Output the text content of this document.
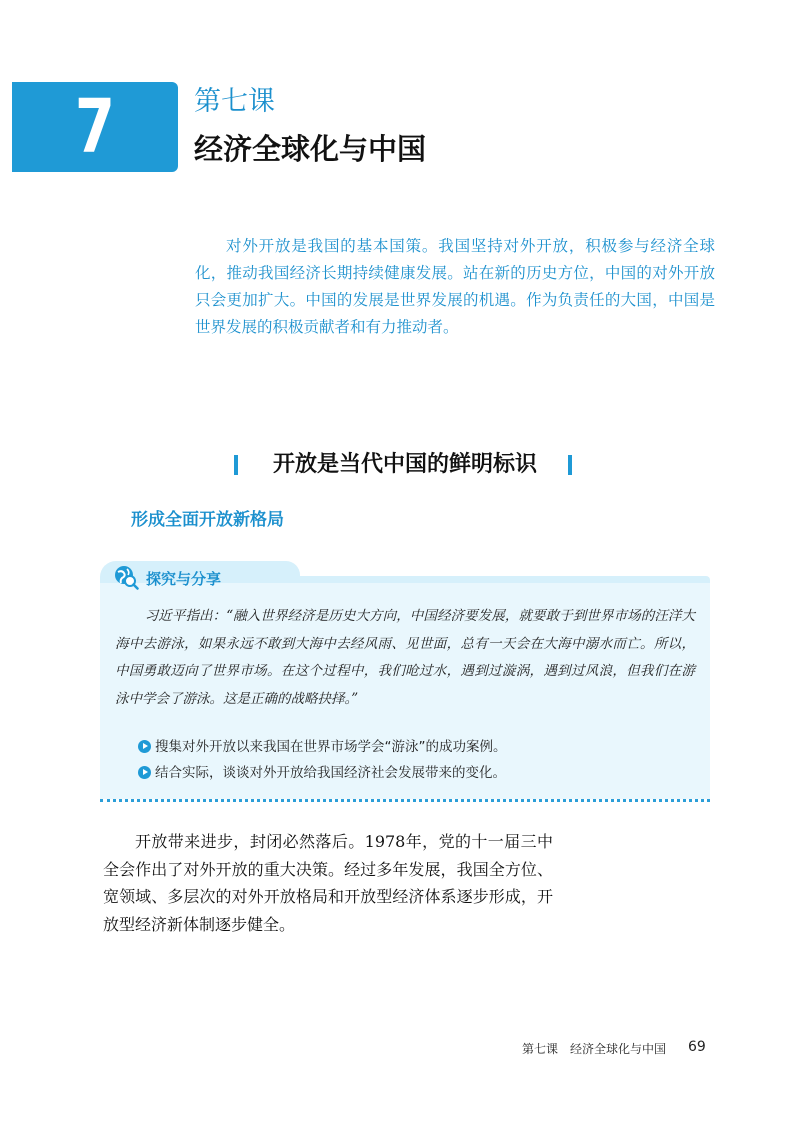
7	第七课
经济全球化与中国

对外开放是我国的基本国策。我国坚持对外开放，积极参与经济全球化，推动我国经济长期持续健康发展。站在新的历史方位，中国的对外开放只会更加扩大。中国的发展是世界发展的机遇。作为负责任的大国，中国是世界发展的积极贡献者和有力推动者。

开放是当代中国的鲜明标识
形成全面开放新格局
探究与分享

习近平指出：“融入世界经济是历史大方向，中国经济要发展，就要敢于到世界市场的汪洋大海中去游泳，如果永远不敢到大海中去经风雨、见世面，总有一天会在大海中溺水而亡。所以，中国勇敢迈向了世界市场。在这个过程中，我们呛过水，遇到过漩涡，遇到过风浪，但我们在游泳中学会了游泳。这是正确的战略抉择。”

搜集对外开放以来我国在世界市场学会“游泳”的成功案例。
结合实际，谈谈对外开放给我国经济社会发展带来的变化。

开放带来进步，封闭必然落后。1978年，党的十一届三中全会作出了对外开放的重大决策。经过多年发展，我国全方位、宽领域、多层次的对外开放格局和开放型经济体系逐步形成，开放型经济新体制逐步健全。

第七课 经济全球化与中国 69
